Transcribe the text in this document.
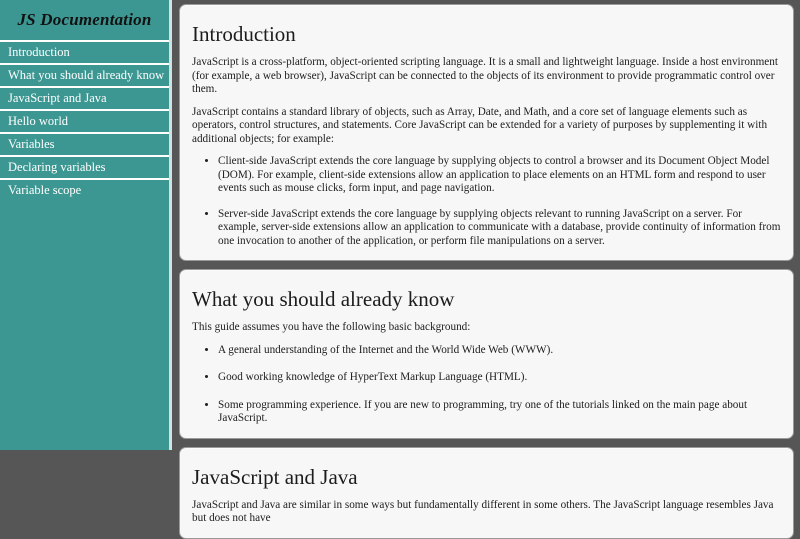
JS Documentation
Introduction
What you should already know
JavaScript and Java
Hello world
Variables
Declaring variables
Variable scope
Introduction

JavaScript is a cross-platform, object-oriented scripting language. It is a small and lightweight language. Inside a host environment (for example, a web browser), JavaScript can be connected to the objects of its environment to provide programmatic control over them.

JavaScript contains a standard library of objects, such as Array, Date, and Math, and a core set of language elements such as operators, control structures, and statements. Core JavaScript can be extended for a variety of purposes by supplementing it with additional objects; for example:

• Client-side JavaScript extends the core language by supplying objects to control a browser and its Document Object Model (DOM). For example, client-side extensions allow an application to place elements on an HTML form and respond to user events such as mouse clicks, form input, and page navigation.
• Server-side JavaScript extends the core language by supplying objects relevant to running JavaScript on a server. For example, server-side extensions allow an application to communicate with a database, provide continuity of information from one invocation to another of the application, or perform file manipulations on a server.
What you should already know

This guide assumes you have the following basic background:

• A general understanding of the Internet and the World Wide Web (WWW).
• Good working knowledge of HyperText Markup Language (HTML).
• Some programming experience. If you are new to programming, try one of the tutorials linked on the main page about JavaScript.
JavaScript and Java

JavaScript and Java are similar in some ways but fundamentally different in some others. The JavaScript language resembles Java but does not have
